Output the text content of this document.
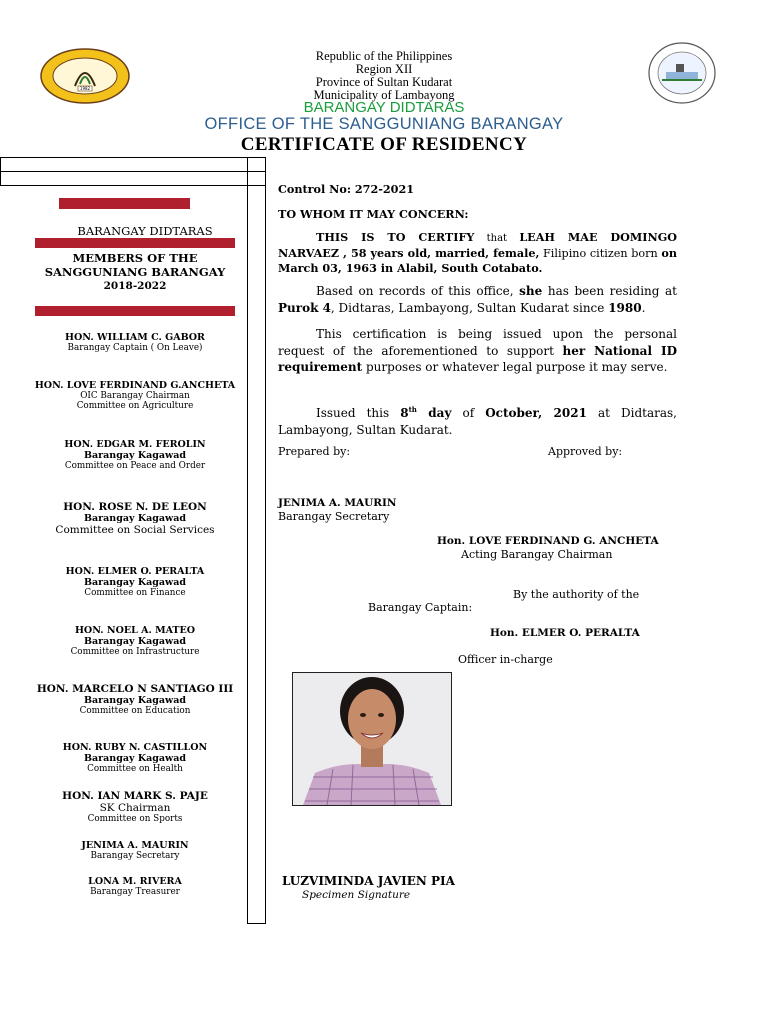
1982
Republic of the Philippines
Region XII
Province of Sultan Kudarat
Municipality of Lambayong
BARANGAY DIDTARAS
OFFICE OF THE SANGGUNIANG BARANGAY
CERTIFICATE OF RESIDENCY
BARANGAY DIDTARAS
MEMBERS OF THE
SANGGUNIANG BARANGAY
2018-2022
HON. WILLIAM C. GABOR
Barangay Captain ( On Leave)
HON. LOVE FERDINAND G.ANCHETA
OIC Barangay Chairman
Committee on Agriculture
HON. EDGAR M. FEROLIN
Barangay Kagawad
Committee on Peace and Order
HON. ROSE N. DE LEON
Barangay Kagawad
Committee on Social Services
HON. ELMER O. PERALTA
Barangay Kagawad
Committee on Finance
HON. NOEL A. MATEO
Barangay Kagawad
Committee on Infrastructure
HON. MARCELO N SANTIAGO III
Barangay Kagawad
Committee on Education
HON. RUBY N. CASTILLON
Barangay Kagawad
Committee on Health
HON. IAN MARK S. PAJE
SK Chairman
Committee on Sports
JENIMA A. MAURIN
Barangay Secretary
LONA M. RIVERA
Barangay Treasurer
Control No: 272-2021
TO WHOM IT MAY CONCERN:
THIS IS TO CERTIFY that LEAH MAE DOMINGO NARVAEZ , 58 years old, married, female, Filipino citizen born on March 03, 1963 in Alabil, South Cotabato.
Based on records of this office, she has been residing at Purok 4, Didtaras, Lambayong, Sultan Kudarat since 1980.
This certification is being issued upon the personal request of the aforementioned to support her National ID requirement purposes or whatever legal purpose it may serve.
Issued this 8th day of October, 2021 at Didtaras, Lambayong, Sultan Kudarat.
Prepared by:	Approved by:
JENIMA A. MAURIN
Barangay Secretary
Hon. LOVE FERDINAND G. ANCHETA
Acting Barangay Chairman
By the authority of the
Barangay Captain:
Hon. ELMER O. PERALTA
Officer in-charge
LUZVIMINDA JAVIEN PIA
Specimen Signature
